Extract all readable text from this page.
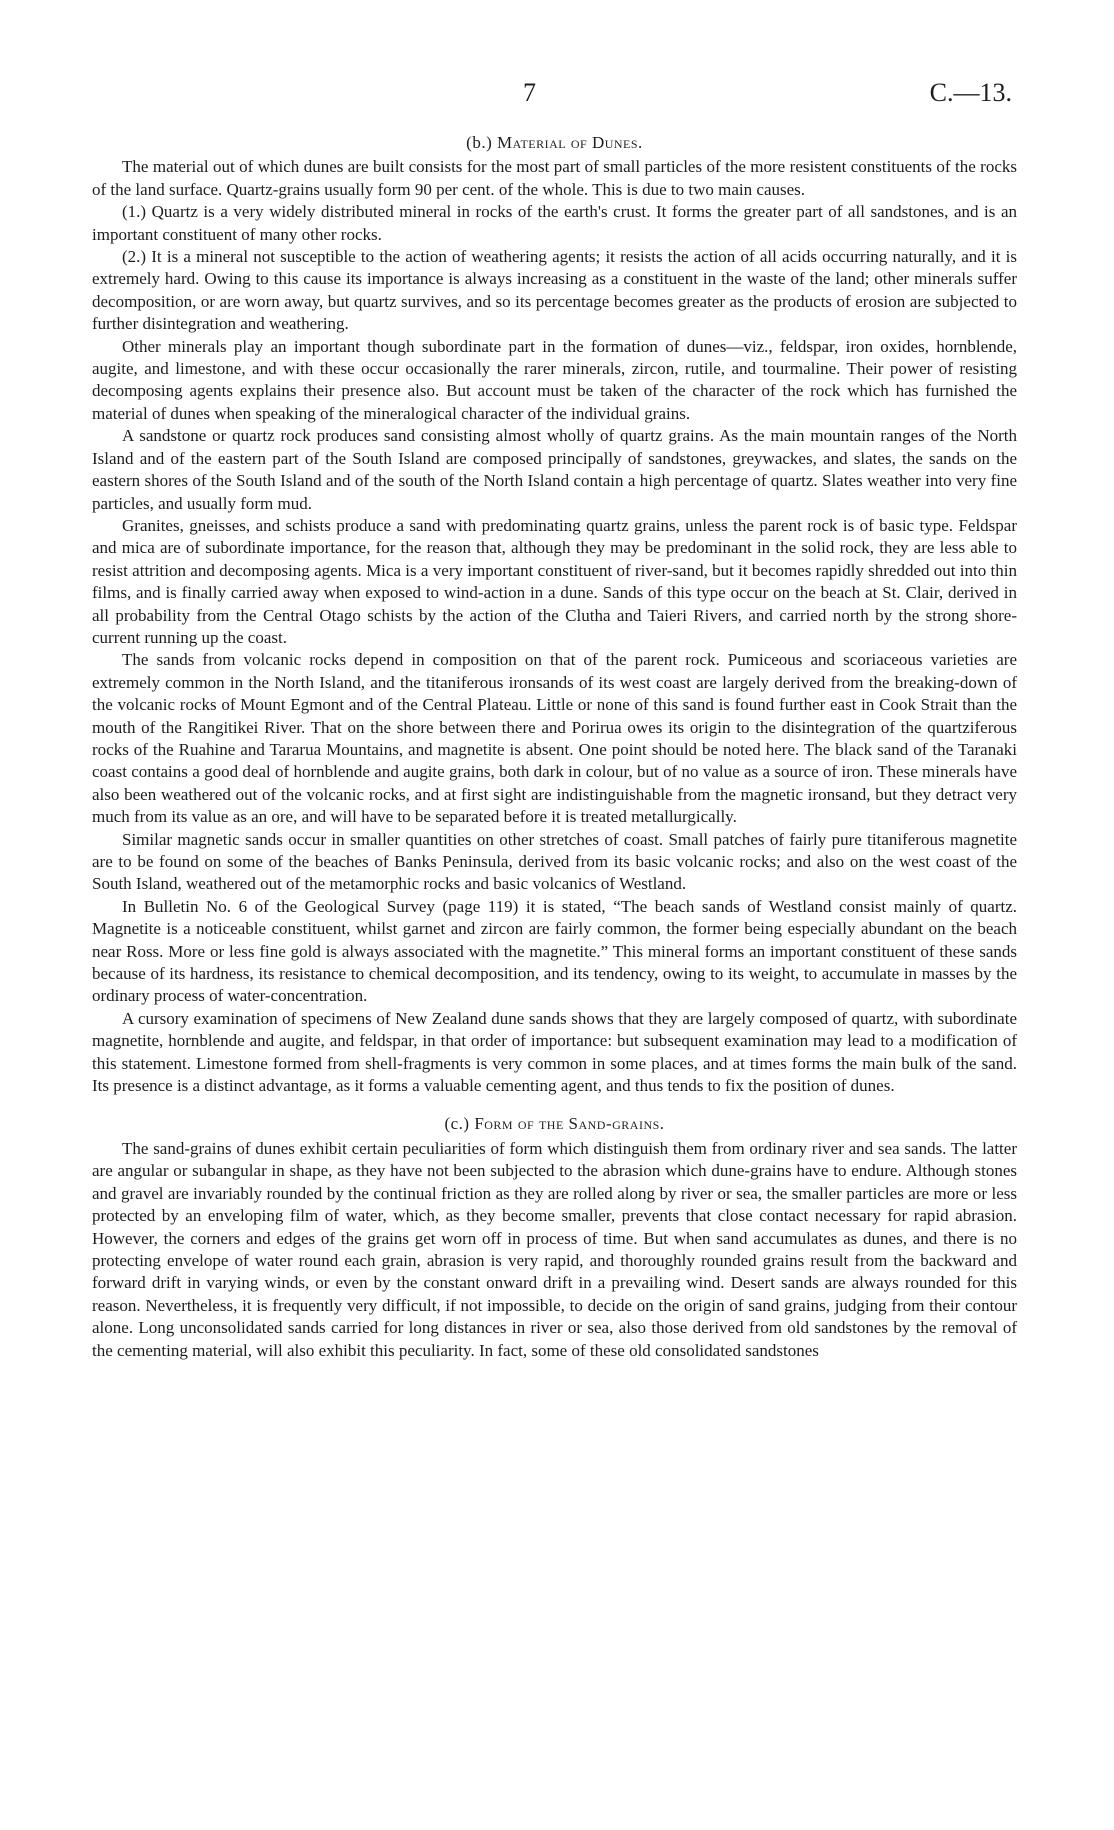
7	C.—13.
(b.) Material of Dunes.

The material out of which dunes are built consists for the most part of small particles of the more resistent constituents of the rocks of the land surface. Quartz-grains usually form 90 per cent. of the whole. This is due to two main causes.

(1.) Quartz is a very widely distributed mineral in rocks of the earth's crust. It forms the greater part of all sandstones, and is an important constituent of many other rocks.

(2.) It is a mineral not susceptible to the action of weathering agents; it resists the action of all acids occurring naturally, and it is extremely hard. Owing to this cause its importance is always increasing as a constituent in the waste of the land; other minerals suffer decomposition, or are worn away, but quartz survives, and so its percentage becomes greater as the products of erosion are subjected to further disintegration and weathering.

Other minerals play an important though subordinate part in the formation of dunes—viz., feldspar, iron oxides, hornblende, augite, and limestone, and with these occur occasionally the rarer minerals, zircon, rutile, and tourmaline. Their power of resisting decomposing agents explains their presence also. But account must be taken of the character of the rock which has furnished the material of dunes when speaking of the mineralogical character of the individual grains.

A sandstone or quartz rock produces sand consisting almost wholly of quartz grains. As the main mountain ranges of the North Island and of the eastern part of the South Island are composed principally of sandstones, greywackes, and slates, the sands on the eastern shores of the South Island and of the south of the North Island contain a high percentage of quartz. Slates weather into very fine particles, and usually form mud.

Granites, gneisses, and schists produce a sand with predominating quartz grains, unless the parent rock is of basic type. Feldspar and mica are of subordinate importance, for the reason that, although they may be predominant in the solid rock, they are less able to resist attrition and decomposing agents. Mica is a very important constituent of river-sand, but it becomes rapidly shredded out into thin films, and is finally carried away when exposed to wind-action in a dune. Sands of this type occur on the beach at St. Clair, derived in all probability from the Central Otago schists by the action of the Clutha and Taieri Rivers, and carried north by the strong shore-current running up the coast.

The sands from volcanic rocks depend in composition on that of the parent rock. Pumiceous and scoriaceous varieties are extremely common in the North Island, and the titaniferous ironsands of its west coast are largely derived from the breaking-down of the volcanic rocks of Mount Egmont and of the Central Plateau. Little or none of this sand is found further east in Cook Strait than the mouth of the Rangitikei River. That on the shore between there and Porirua owes its origin to the disintegration of the quartziferous rocks of the Ruahine and Tararua Mountains, and magnetite is absent. One point should be noted here. The black sand of the Taranaki coast contains a good deal of hornblende and augite grains, both dark in colour, but of no value as a source of iron. These minerals have also been weathered out of the volcanic rocks, and at first sight are indistinguishable from the magnetic ironsand, but they detract very much from its value as an ore, and will have to be separated before it is treated metallurgically.

Similar magnetic sands occur in smaller quantities on other stretches of coast. Small patches of fairly pure titaniferous magnetite are to be found on some of the beaches of Banks Peninsula, derived from its basic volcanic rocks; and also on the west coast of the South Island, weathered out of the metamorphic rocks and basic volcanics of Westland.

In Bulletin No. 6 of the Geological Survey (page 119) it is stated, “The beach sands of Westland consist mainly of quartz. Magnetite is a noticeable constituent, whilst garnet and zircon are fairly common, the former being especially abundant on the beach near Ross. More or less fine gold is always associated with the magnetite.” This mineral forms an important constituent of these sands because of its hardness, its resistance to chemical decomposition, and its tendency, owing to its weight, to accumulate in masses by the ordinary process of water-concentration.

A cursory examination of specimens of New Zealand dune sands shows that they are largely composed of quartz, with subordinate magnetite, hornblende and augite, and feldspar, in that order of importance: but subsequent examination may lead to a modification of this statement. Limestone formed from shell-fragments is very common in some places, and at times forms the main bulk of the sand. Its presence is a distinct advantage, as it forms a valuable cementing agent, and thus tends to fix the position of dunes.

(c.) Form of the Sand-grains.

The sand-grains of dunes exhibit certain peculiarities of form which distinguish them from ordinary river and sea sands. The latter are angular or subangular in shape, as they have not been subjected to the abrasion which dune-grains have to endure. Although stones and gravel are invariably rounded by the continual friction as they are rolled along by river or sea, the smaller particles are more or less protected by an enveloping film of water, which, as they become smaller, prevents that close contact necessary for rapid abrasion. However, the corners and edges of the grains get worn off in process of time. But when sand accumulates as dunes, and there is no protecting envelope of water round each grain, abrasion is very rapid, and thoroughly rounded grains result from the backward and forward drift in varying winds, or even by the constant onward drift in a prevailing wind. Desert sands are always rounded for this reason. Nevertheless, it is frequently very difficult, if not impossible, to decide on the origin of sand grains, judging from their contour alone. Long unconsolidated sands carried for long distances in river or sea, also those derived from old sandstones by the removal of the cementing material, will also exhibit this peculiarity. In fact, some of these old consolidated sandstones
